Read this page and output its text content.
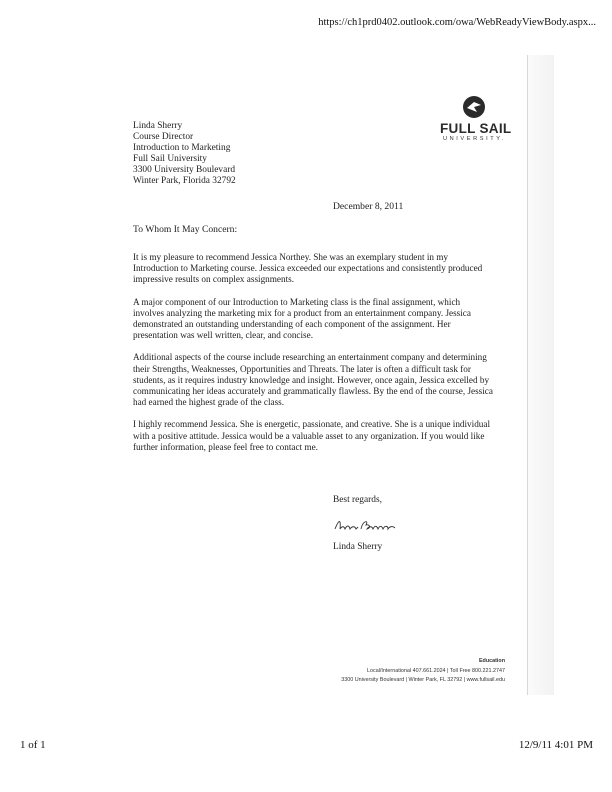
https://ch1prd0402.outlook.com/owa/WebReadyViewBody.aspx...
Linda Sherry
Course Director
Introduction to Marketing
Full Sail University
3300 University Boulevard
Winter Park, Florida 32792
FULL SAIL
UNIVERSITY.
December 8, 2011
To Whom It May Concern:

It is my pleasure to recommend Jessica Northey. She was an exemplary student in my Introduction to Marketing course. Jessica exceeded our expectations and consistently produced impressive results on complex assignments.

A major component of our Introduction to Marketing class is the final assignment, which involves analyzing the marketing mix for a product from an entertainment company. Jessica demonstrated an outstanding understanding of each component of the assignment. Her presentation was well written, clear, and concise.

Additional aspects of the course include researching an entertainment company and determining their Strengths, Weaknesses, Opportunities and Threats. The later is often a difficult task for students, as it requires industry knowledge and insight. However, once again, Jessica excelled by communicating her ideas accurately and grammatically flawless. By the end of the course, Jessica had earned the highest grade of the class.

I highly recommend Jessica. She is energetic, passionate, and creative. She is a unique individual with a positive attitude. Jessica would be a valuable asset to any organization. If you would like further information, please feel free to contact me.

Best regards,
Linda Sherry
Education
Local/International 407.661.2024 | Toll Free 800.221.2747
3300 University Boulevard | Winter Park, FL 32792 | www.fullsail.edu
1 of 1	12/9/11 4:01 PM
